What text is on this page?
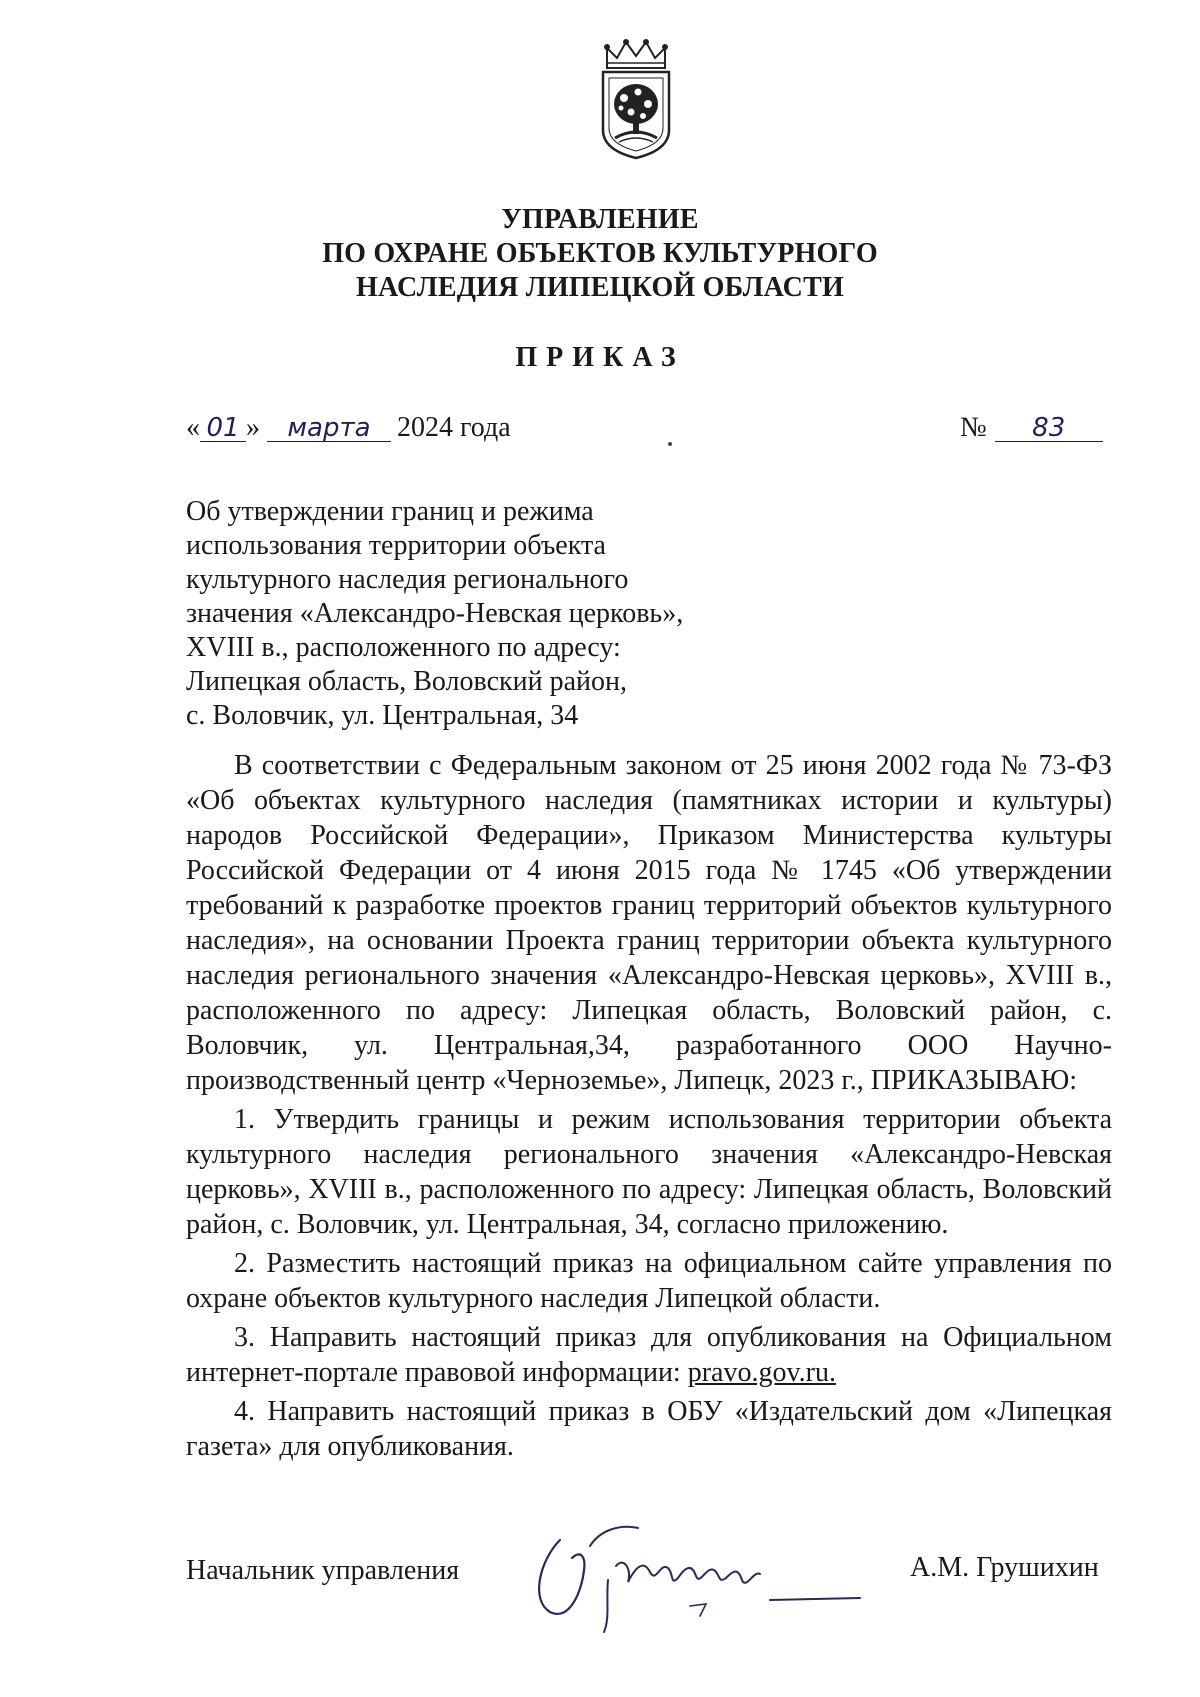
УПРАВЛЕНИЕ
ПО ОХРАНЕ ОБЪЕКТОВ КУЛЬТУРНОГО
НАСЛЕДИЯ ЛИПЕЦКОЙ ОБЛАСТИ
ПРИКАЗ
« 01 » марта 2024 года	№ 83
Об утверждении границ и режима
использования территории объекта
культурного наследия регионального
значения «Александро-Невская церковь»,
XVIII в., расположенного по адресу:
Липецкая область, Воловский район,
с. Воловчик, ул. Центральная, 34

В соответствии с Федеральным законом от 25 июня 2002 года № 73-ФЗ «Об объектах культурного наследия (памятниках истории и культуры) народов Российской Федерации», Приказом Министерства культуры Российской Федерации от 4 июня 2015 года № 1745 «Об утверждении требований к разработке проектов границ территорий объектов культурного наследия», на основании Проекта границ территории объекта культурного наследия регионального значения «Александро-Невская церковь», XVIII в., расположенного по адресу: Липецкая область, Воловский район, с. Воловчик, ул. Центральная,34, разработанного ООО Научно-производственный центр «Черноземье», Липецк, 2023 г., ПРИКАЗЫВАЮ:

1. Утвердить границы и режим использования территории объекта культурного наследия регионального значения «Александро-Невская церковь», XVIII в., расположенного по адресу: Липецкая область, Воловский район, с. Воловчик, ул. Центральная, 34, согласно приложению.

2. Разместить настоящий приказ на официальном сайте управления по охране объектов культурного наследия Липецкой области.

3. Направить настоящий приказ для опубликования на Официальном интернет-портале правовой информации: pravo.gov.ru.

4. Направить настоящий приказ в ОБУ «Издательский дом «Липецкая газета» для опубликования.

Начальник управления	А.М. Грушихин
